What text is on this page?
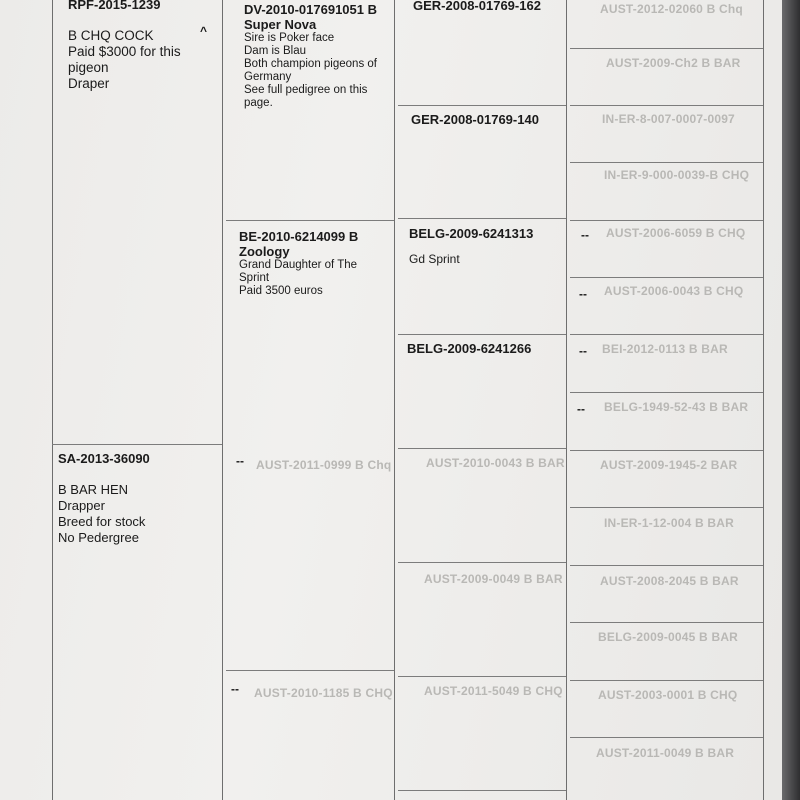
AUST-2012-02060 B Chq
AUST-2009-Ch2 B BAR
IN-ER-8-007-0007-0097
IN-ER-9-000-0039-B CHQ
AUST-2006-6059 B CHQ
AUST-2006-0043 B CHQ
BEI-2012-0113 B BAR
BELG-1949-52-43 B BAR
AUST-2009-1945-2 BAR
IN-ER-1-12-004 B BAR
AUST-2008-2045 B BAR
BELG-2009-0045 B BAR
AUST-2003-0001 B CHQ
AUST-2011-0049 B BAR
AUST-2011-0999 B Chq	AUST-2010-0043 B BAR
AUST-2010-1185 B CHQ	AUST-2011-5049 B CHQ
AUST-2009-0049 B BAR
RPF-2015-1239
B CHQ COCK
Paid $3000 for this
pigeon
Draper
^
SA-2013-36090
B BAR HEN
Drapper
Breed for stock
No Pedergree
DV-2010-017691051 B
Super Nova
Sire is Poker face
Dam is Blau
Both champion pigeons of
Germany
See full pedigree on this
page.
BE-2010-6214099 B
Zoology
Grand Daughter of The
Sprint
Paid 3500 euros
--
--
GER-2008-01769-162
GER-2008-01769-140
BELG-2009-6241313
Gd Sprint
BELG-2009-6241266
--
--
--
--
